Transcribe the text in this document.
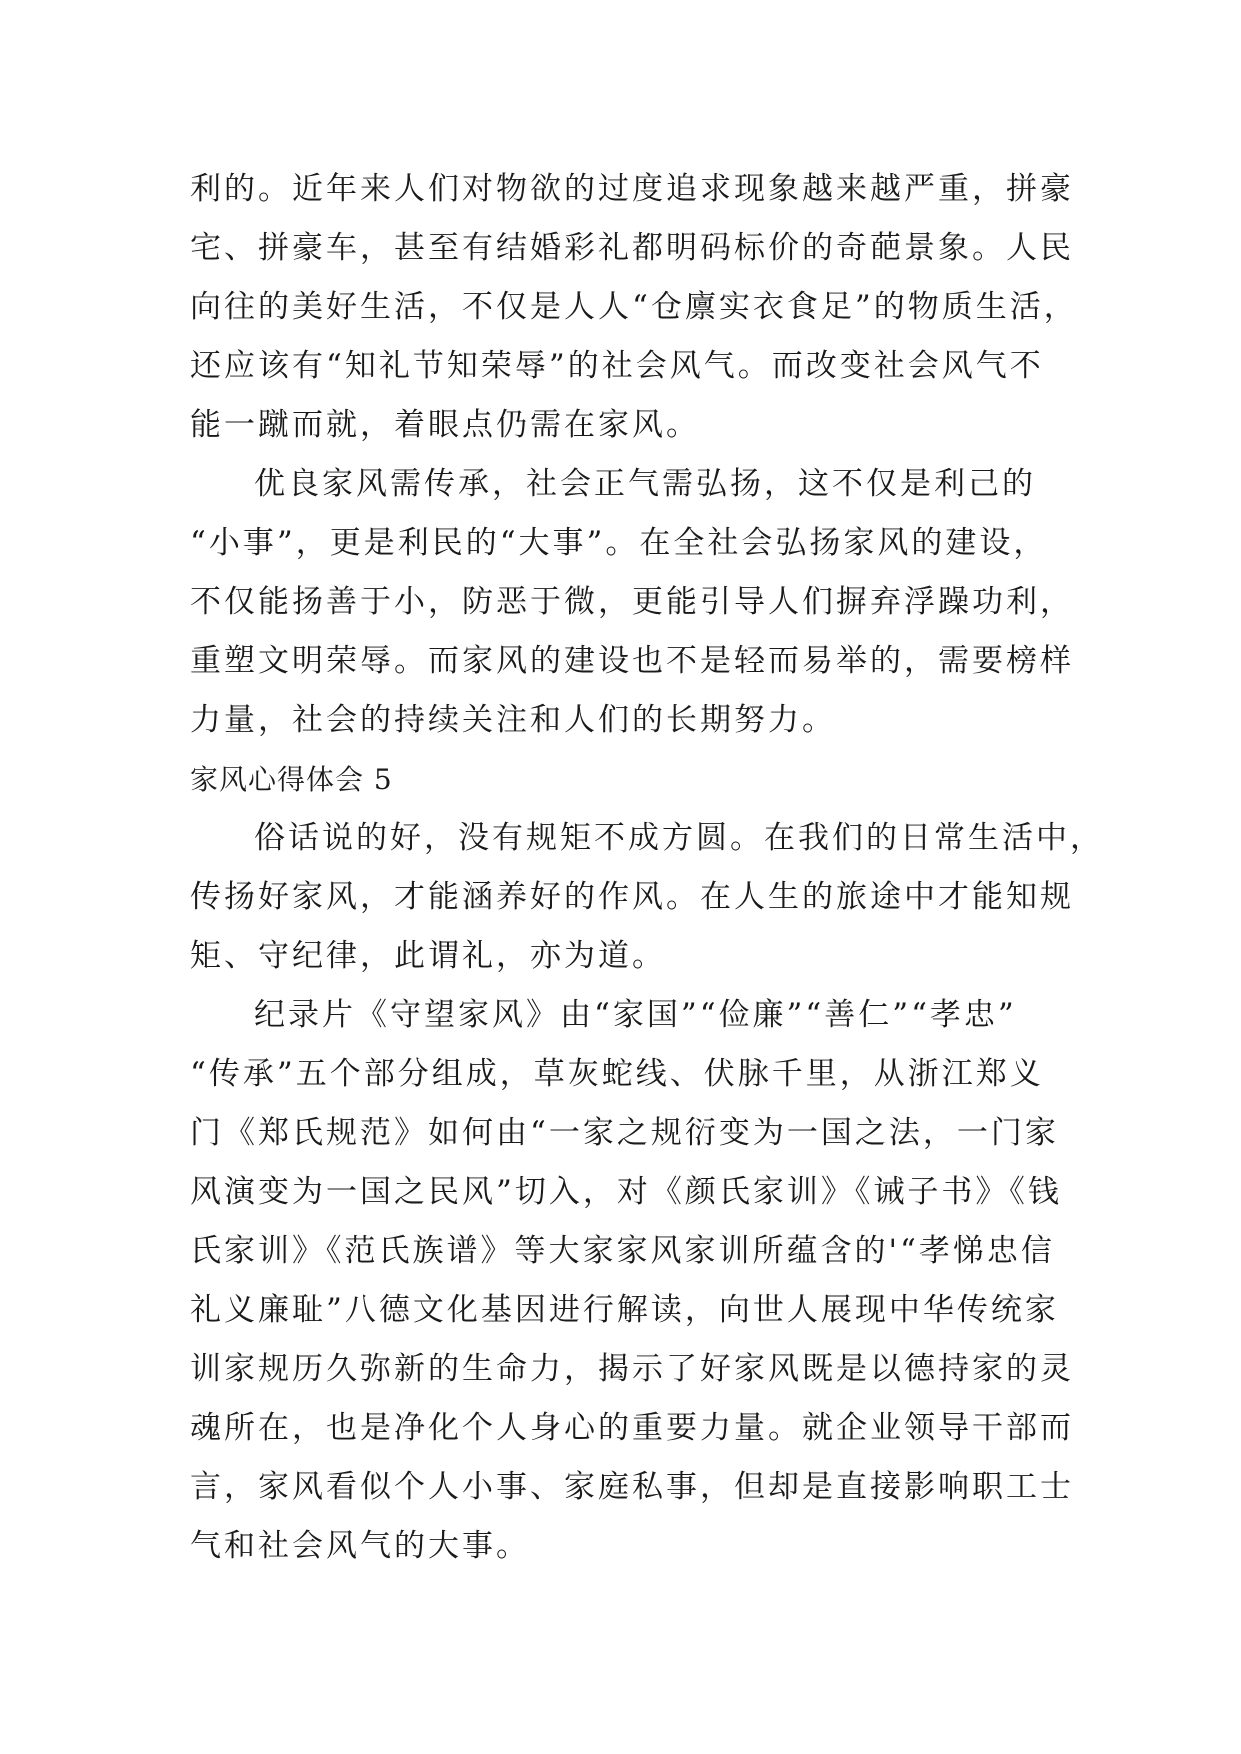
利的。近年来人们对物欲的过度追求现象越来越严重，拼豪
宅、拼豪车，甚至有结婚彩礼都明码标价的奇葩景象。人民
向往的美好生活，不仅是人人“仓廪实衣食足”的物质生活，
还应该有“知礼节知荣辱”的社会风气。而改变社会风气不
能一蹴而就，着眼点仍需在家风。
优良家风需传承，社会正气需弘扬，这不仅是利己的
“小事”，更是利民的“大事”。在全社会弘扬家风的建设，
不仅能扬善于小，防恶于微，更能引导人们摒弃浮躁功利，
重塑文明荣辱。而家风的建设也不是轻而易举的，需要榜样
力量，社会的持续关注和人们的长期努力。
家风心得体会 5
俗话说的好，没有规矩不成方圆。在我们的日常生活中，
传扬好家风，才能涵养好的作风。在人生的旅途中才能知规
矩、守纪律，此谓礼，亦为道。
纪录片《守望家风》由“家国”“俭廉”“善仁”“孝忠”
“传承”五个部分组成，草灰蛇线、伏脉千里，从浙江郑义
门《郑氏规范》如何由“一家之规衍变为一国之法，一门家
风演变为一国之民风”切入，对《颜氏家训》《诫子书》《钱
氏家训》《范氏族谱》等大家家风家训所蕴含的'“孝悌忠信
礼义廉耻”八德文化基因进行解读，向世人展现中华传统家
训家规历久弥新的生命力，揭示了好家风既是以德持家的灵
魂所在，也是净化个人身心的重要力量。就企业领导干部而
言，家风看似个人小事、家庭私事，但却是直接影响职工士
气和社会风气的大事。
